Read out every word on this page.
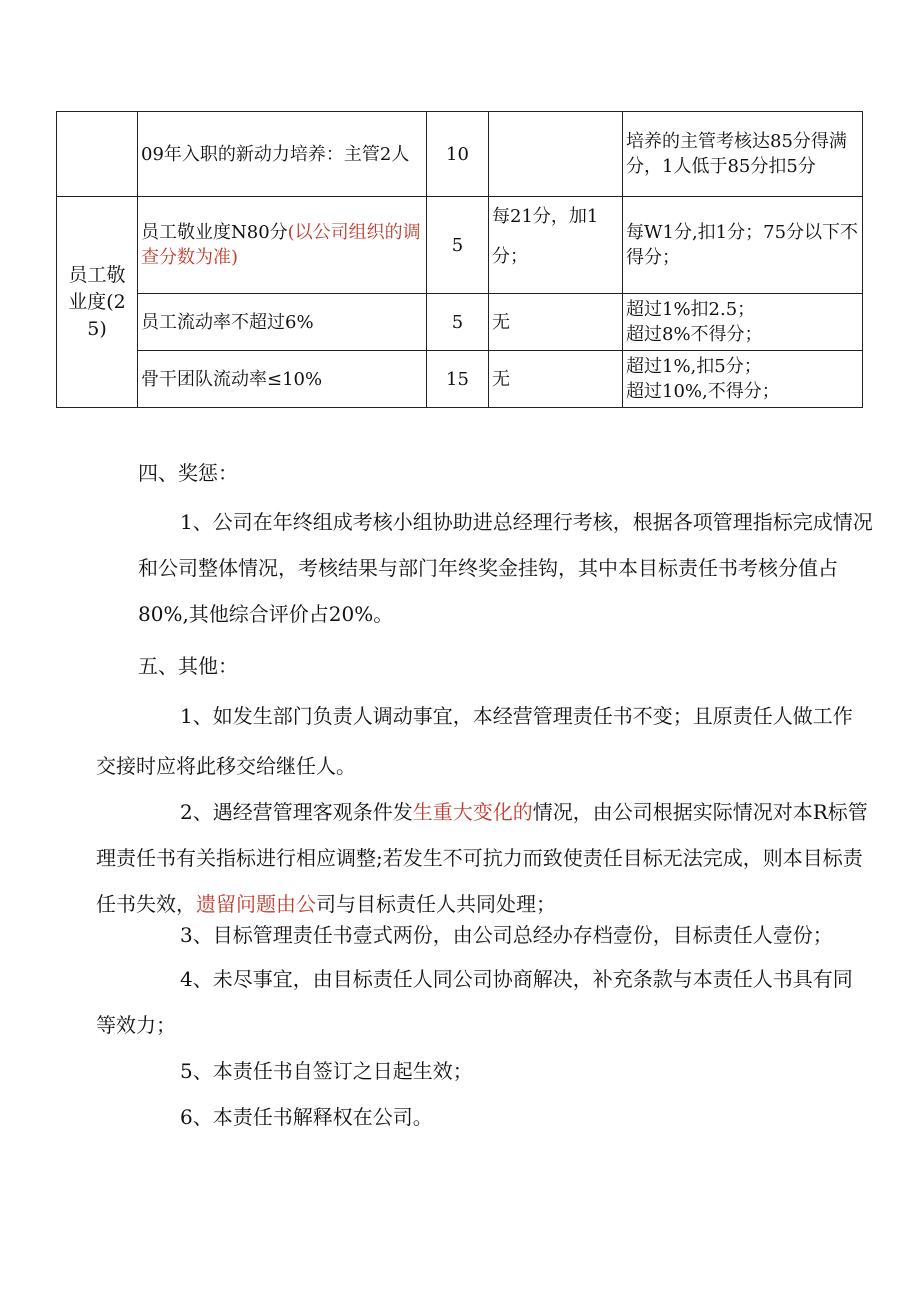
	09年入职的新动力培养：主管2人	10		培养的主管考核达85分得满分，1人低于85分扣5分
员工敬业度(25)	员工敬业度N80分(以公司组织的调查分数为准)	5	每21分，加1分；	每W1分,扣1分；75分以下不得分；
	员工流动率不超过6%	5	无	超过1%扣2.5；
超过8%不得分；

	骨干团队流动率≤10%	15	无	超过1%,扣5分；
超过10%,不得分；
四、奖惩：
1、公司在年终组成考核小组协助进总经理行考核，根据各项管理指标完成情况和公司整体情况，考核结果与部门年终奖金挂钩，其中本目标责任书考核分值占80%,其他综合评价占20%。
五、其他：
1、如发生部门负责人调动事宜，本经营管理责任书不变；且原责任人做工作交接时应将此移交给继任人。
2、遇经营管理客观条件发生重大变化的情况，由公司根据实际情况对本R标管理责任书有关指标进行相应调整;若发生不可抗力而致使责任目标无法完成，则本目标责任书失效，遗留问题由公司与目标责任人共同处理；
3、目标管理责任书壹式两份，由公司总经办存档壹份，目标责任人壹份；
4、未尽事宜，由目标责任人同公司协商解决，补充条款与本责任人书具有同等效力；
5、本责任书自签订之日起生效；
6、本责任书解释权在公司。
